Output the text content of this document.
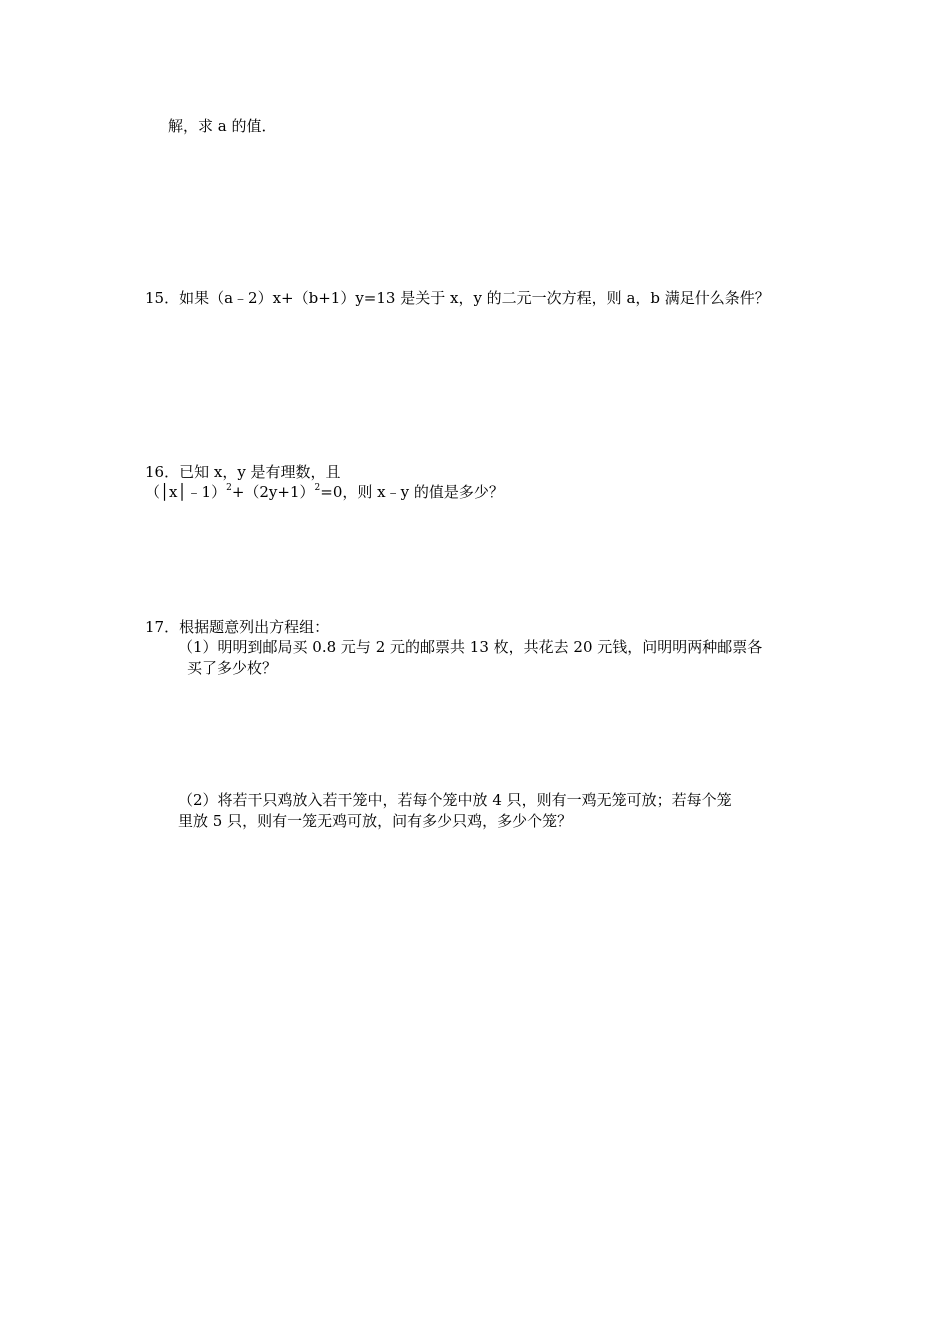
解，求 a 的值．
15．如果（a﹣2）x+（b+1）y=13 是关于 x，y 的二元一次方程，则 a，b 满足什么条件？
16．已知 x，y 是有理数，且
$(│x│﹣1)^2+(2y+1)^2=0$，则 x﹣y 的值是多少？
17．根据题意列出方程组：
（1）明明到邮局买 0.8 元与 2 元的邮票共 13 枚，共花去 20 元钱，问明明两种邮票各
买了多少枚？
（2）将若干只鸡放入若干笼中，若每个笼中放 4 只，则有一鸡无笼可放；若每个笼
里放 5 只，则有一笼无鸡可放，问有多少只鸡，多少个笼？
